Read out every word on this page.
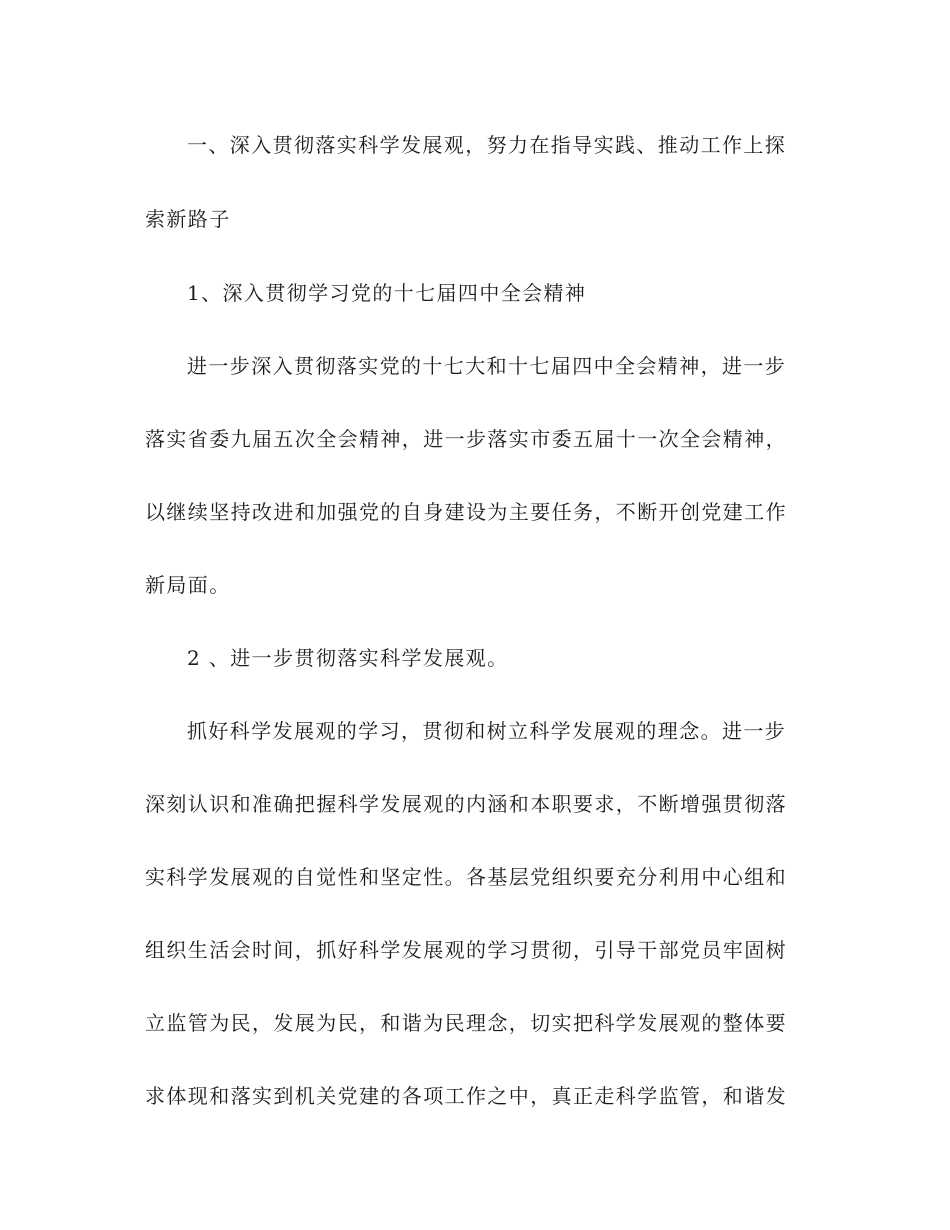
一、深入贯彻落实科学发展观，努力在指导实践、推动工作上探
索新路子
1、深入贯彻学习党的十七届四中全会精神
进一步深入贯彻落实党的十七大和十七届四中全会精神，进一步
落实省委九届五次全会精神，进一步落实市委五届十一次全会精神，
以继续坚持改进和加强党的自身建设为主要任务，不断开创党建工作
新局面。
2 、进一步贯彻落实科学发展观。
抓好科学发展观的学习，贯彻和树立科学发展观的理念。进一步
深刻认识和准确把握科学发展观的内涵和本职要求，不断增强贯彻落
实科学发展观的自觉性和坚定性。各基层党组织要充分利用中心组和
组织生活会时间，抓好科学发展观的学习贯彻，引导干部党员牢固树
立监管为民，发展为民，和谐为民理念，切实把科学发展观的整体要
求体现和落实到机关党建的各项工作之中，真正走科学监管，和谐发
